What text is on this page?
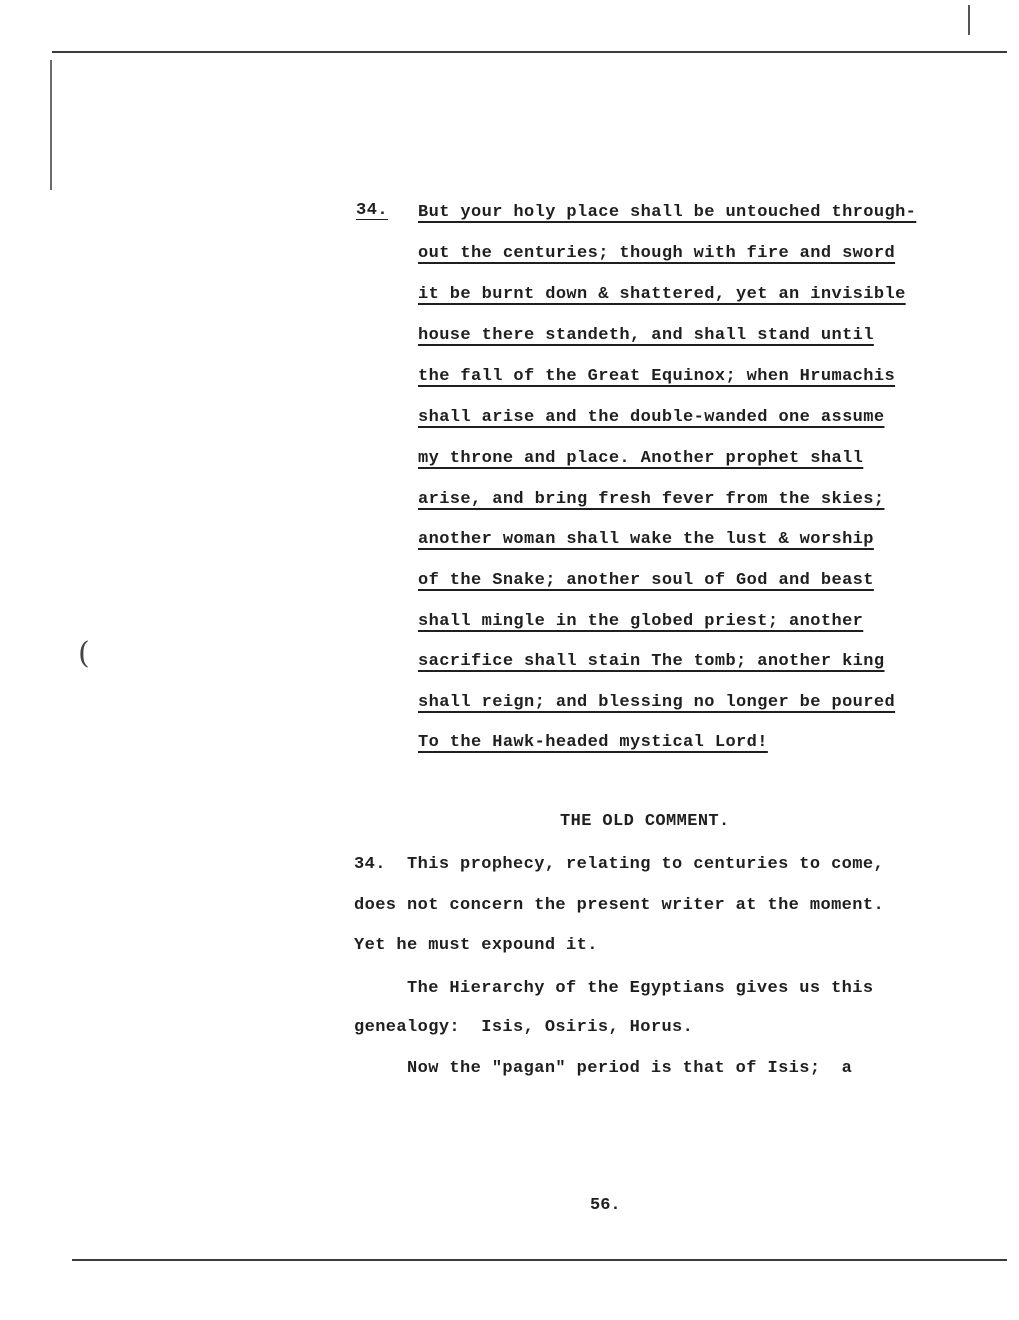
(
34. But your holy place shall be untouched through-
out the centuries; though with fire and sword
it be burnt down & shattered, yet an invisible
house there standeth, and shall stand until
the fall of the Great Equinox; when Hrumachis
shall arise and the double-wanded one assume
my throne and place. Another prophet shall
arise, and bring fresh fever from the skies;
another woman shall wake the lust & worship
of the Snake; another soul of God and beast
shall mingle in the globed priest; another
sacrifice shall stain The tomb; another king
shall reign; and blessing no longer be poured
To the Hawk-headed mystical Lord!
THE OLD COMMENT.
34.  This prophecy, relating to centuries to come,
does not concern the present writer at the moment.
Yet he must expound it.
The Hierarchy of the Egyptians gives us this
genealogy:  Isis, Osiris, Horus.
Now the "pagan" period is that of Isis;  a
56.
